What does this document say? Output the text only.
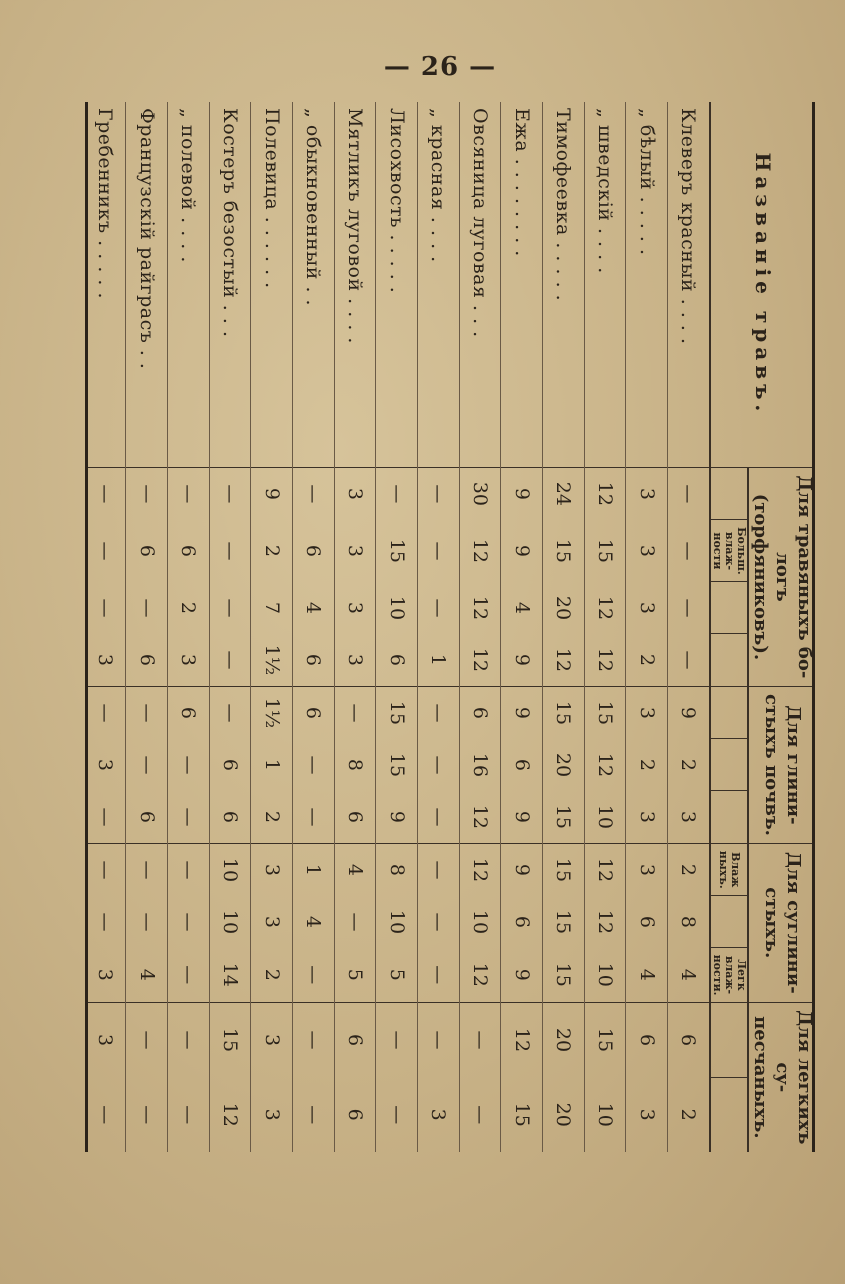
— 26 —
Названіе травъ.	Для травяныхъ бо-логъ (торфяниковъ).				Для глини-стыхъ почвъ.			Для суглини-стыхъ.			Для легкихъ су-песчаныхъ.	
		Больш. влаж-ности						Влаж ныхъ.		Легк влаж-ности.		
Клеверъ красный . . . .	—	—	—	—	9	2	3	2	8	4	6	2
„ бѣлый . . . . .	3	3	3	2	3	2	3	3	6	4	6	3
„ шведскій . . . .	12	15	12	12	15	12	10	12	12	10	15	10
Тимофеевка . . . . .	24	15	20	12	15	20	15	15	15	15	20	20
Ежа . . . . . . . .	9	9	4	9	9	6	9	9	6	9	12	15
Овсяница луговая . . .	30	12	12	12	6	16	12	12	10	12	—	—
„ красная . . . .	—	—	—	1	—	—	—	—	—	—	—	3
Лисохвость . . . . .	—	15	10	6	15	15	9	8	10	5	—	—
Мятликъ луговой . . . .	3	3	3	3	—	8	6	4	—	5	6	6
„ обыкновенный . .	—	6	4	6	6	—	—	1	4	—	—	—
Полевица . . . . . .	9	2	7	1½	1½	1	2	3	3	2	3	3
Костеръ безостый . . .	—	—	—	—	—	6	6	10	10	14	15	12
„ полевой . . . .	—	6	2	3	6	—	—	—	—	—	—	—
Французскій райграсъ . .	—	6	—	6	—	—	6	—	—	4	—	—
Гребенникъ . . . . .	—	—	—	3	—	3	—	—	—	3	3	—
